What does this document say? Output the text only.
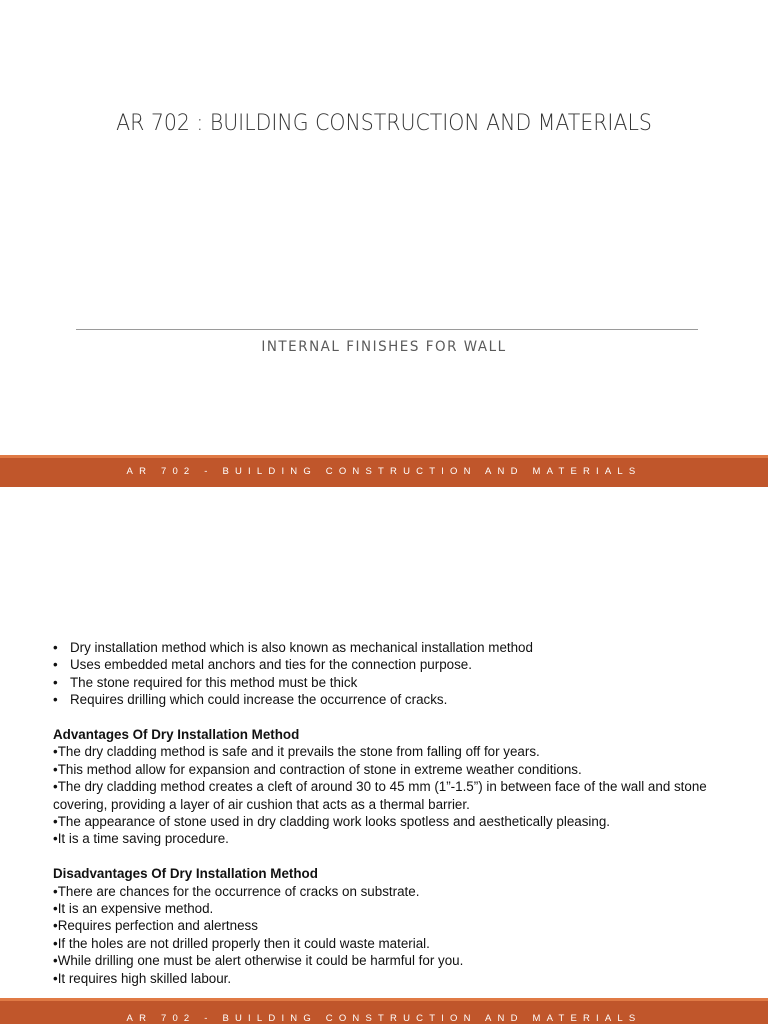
AR 702 : BUILDING CONSTRUCTION AND MATERIALS
INTERNAL FINISHES FOR WALL
AR 702 - BUILDING CONSTRUCTION AND MATERIALS
• Dry installation method which is also known as mechanical installation method
• Uses embedded metal anchors and ties for the connection purpose.
• The stone required for this method must be thick
• Requires drilling which could increase the occurrence of cracks.
Advantages Of Dry Installation Method
•The dry cladding method is safe and it prevails the stone from falling off for years.
•This method allow for expansion and contraction of stone in extreme weather conditions.
•The dry cladding method creates a cleft of around 30 to 45 mm (1”-1.5”) in between face of the wall and stone covering, providing a layer of air cushion that acts as a thermal barrier.
•The appearance of stone used in dry cladding work looks spotless and aesthetically pleasing.
•It is a time saving procedure.
Disadvantages Of Dry Installation Method
•There are chances for the occurrence of cracks on substrate.
•It is an expensive method.
•Requires perfection and alertness
•If the holes are not drilled properly then it could waste material.
•While drilling one must be alert otherwise it could be harmful for you.
•It requires high skilled labour.
AR 702 - BUILDING CONSTRUCTION AND MATERIALS
